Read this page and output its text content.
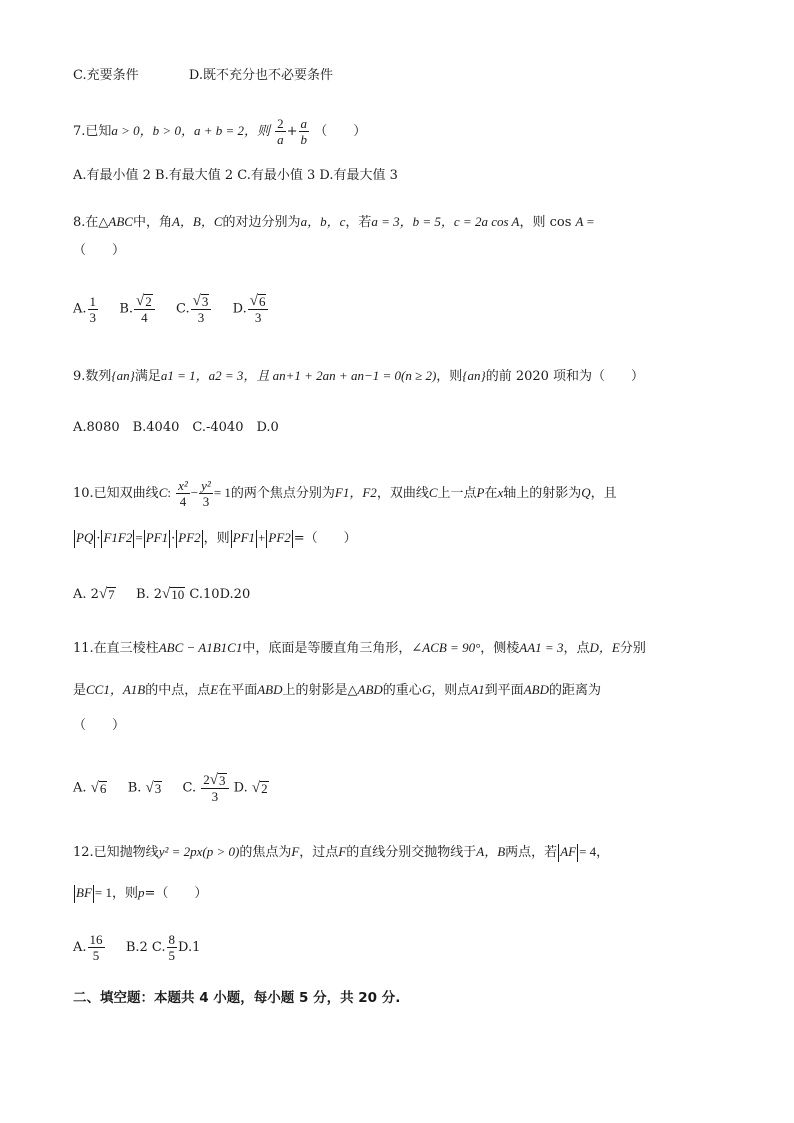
C.充要条件	D.既不充分也不必要条件
7.已知a > 0，b > 0，a + b = 2，则 $\frac{2}{a} + \frac{a}{b}$ （　　）
A.有最小值 2 B.有最大值 2 C.有最小值 3 D.有最大值 3
8.在△ABC中，角A，B，C的对边分别为a，b，c，若a = 3，b = 5，c = 2a cos A，则 cos A =
（　　）
A. $\frac{1}{3} B$. $\frac{√ 2}{4} C$. $\frac{√ 3}{3} D$. $\frac{√ 6}{3}$
9.数列{an}满足a1 = 1，a2 = 3，且 an+1 + 2an + an−1 = 0(n ≥ 2)，则{an}的前 2020 项和为（　　）
A.8080　B.4040　C.-4040　D.0
10.已知双曲线C: $\frac{\text{x²}}{4} - \frac{\text{y²}}{3} = 1$的两个焦点分别为F1，F2，双曲线C上一点P在x轴上的射影为Q，且
PQ · F1F2 = PF1 · PF2 ，则 PF1 + PF2 =（　　）
A. 2 √ 7 B. 2 √ 10 C.10D.20
11.在直三棱柱ABC − A1B1C1中，底面是等腰直角三角形，∠ACB = 90°，侧棱AA1 = 3，点D，E分别
是CC1，A1B的中点，点E在平面ABD上的射影是△ABD的重心G，则点A1到平面ABD的距离为
（　　）
A. √ 6 B. √ 3 C. $\frac{2 √ 3}{3} D$. √ 2
12.已知抛物线y² = 2px(p > 0)的焦点为F，过点F的直线分别交抛物线于A，B两点，若 AF = 4，
BF = 1，则p=（　　）
A. $\frac{16}{5} B.2$ C. $\frac{8}{5} D.1$
二、填空题：本题共 4 小题，每小题 5 分，共 20 分.
